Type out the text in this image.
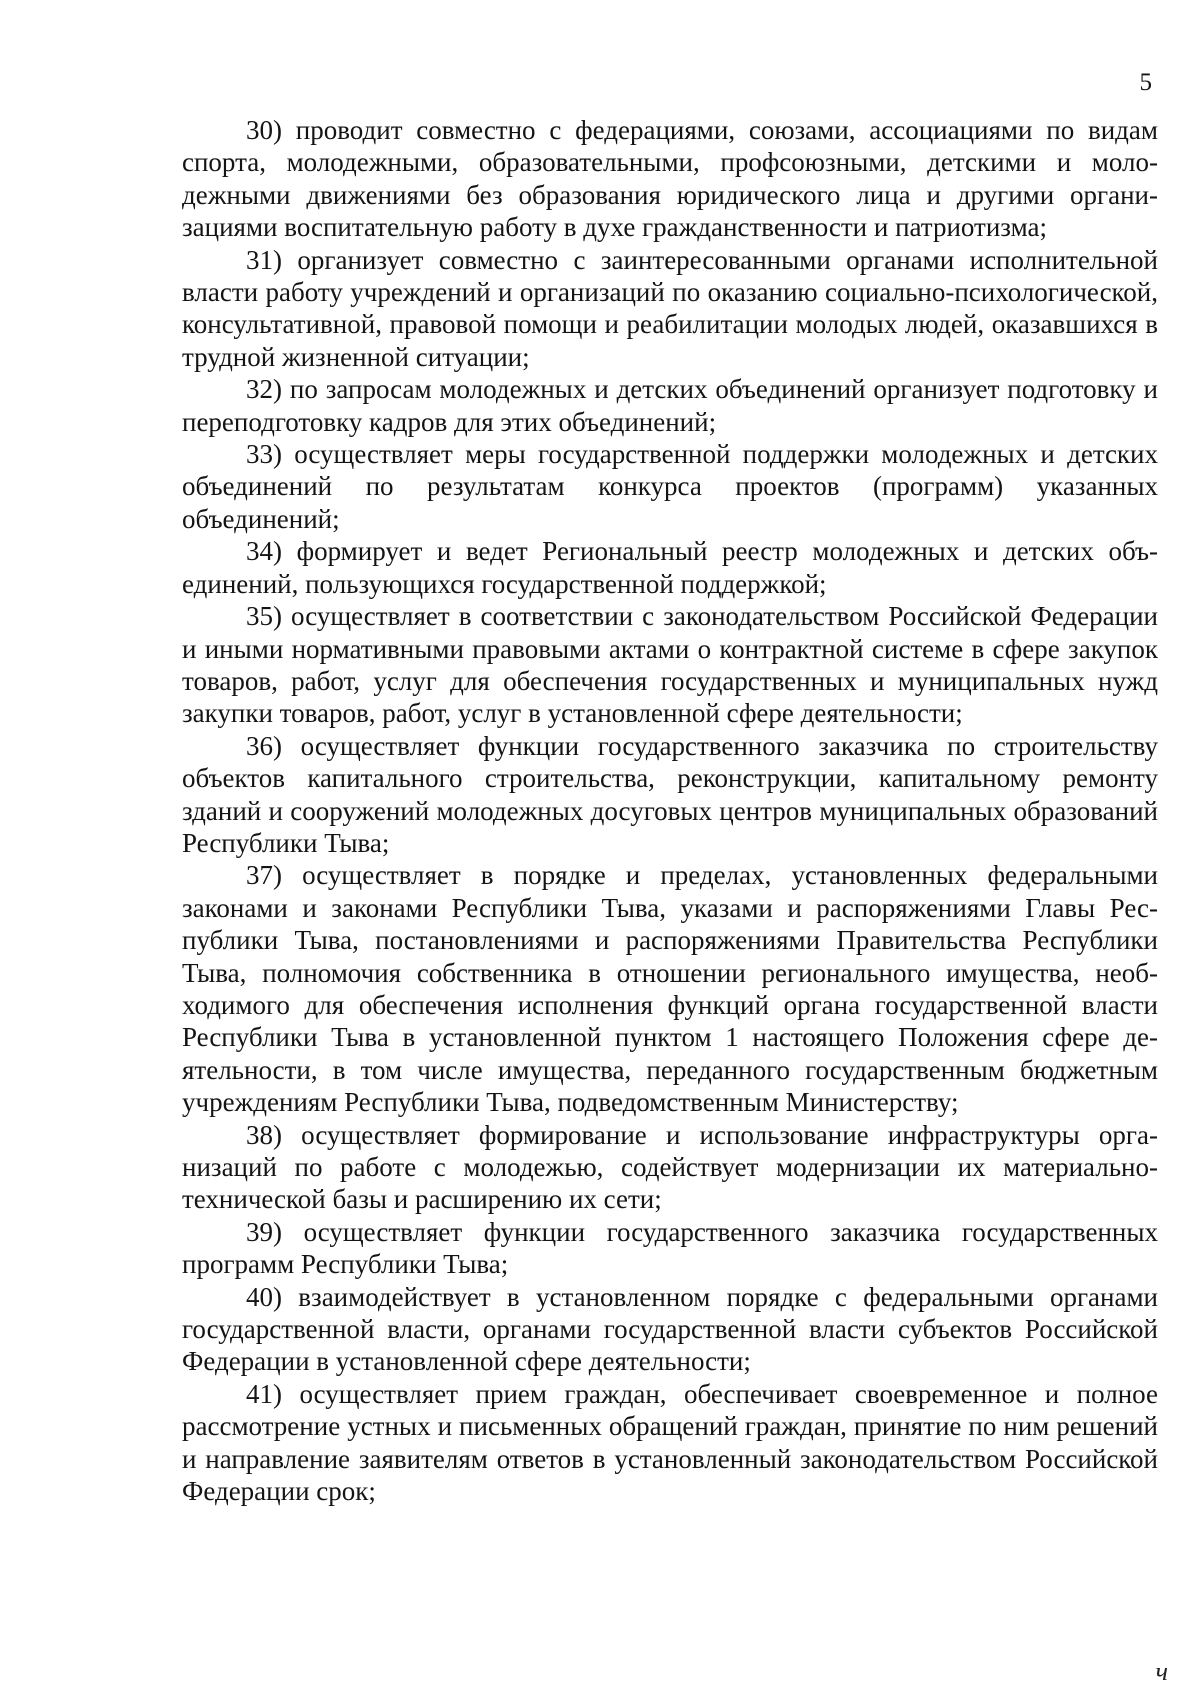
5

30) проводит совместно с федерациями, союзами, ассоциациями по видам спорта, молодежными, образовательными, профсоюзными, детскими и молодежными движениями без образования юридического лица и другими организациями воспитательную работу в духе гражданственности и патриотизма;

31) организует совместно с заинтересованными органами исполнительной власти работу учреждений и организаций по оказанию социально-психологической, консультативной, правовой помощи и реабилитации молодых людей, оказавшихся в трудной жизненной ситуации;

32) по запросам молодежных и детских объединений организует подготовку и переподготовку кадров для этих объединений;

33) осуществляет меры государственной поддержки молодежных и детских объединений по результатам конкурса проектов (программ) указанных объединений;

34) формирует и ведет Региональный реестр молодежных и детских объединений, пользующихся государственной поддержкой;

35) осуществляет в соответствии с законодательством Российской Федерации и иными нормативными правовыми актами о контрактной системе в сфере закупок товаров, работ, услуг для обеспечения государственных и муниципальных нужд закупки товаров, работ, услуг в установленной сфере деятельности;

36) осуществляет функции государственного заказчика по строительству объектов капитального строительства, реконструкции, капитальному ремонту зданий и сооружений молодежных досуговых центров муниципальных образований Республики Тыва;

37) осуществляет в порядке и пределах, установленных федеральными законами и законами Республики Тыва, указами и распоряжениями Главы Республики Тыва, постановлениями и распоряжениями Правительства Республики Тыва, полномочия собственника в отношении регионального имущества, необходимого для обеспечения исполнения функций органа государственной власти Республики Тыва в установленной пунктом 1 настоящего Положения сфере деятельности, в том числе имущества, переданного государственным бюджетным учреждениям Республики Тыва, подведомственным Министерству;

38) осуществляет формирование и использование инфраструктуры организаций по работе с молодежью, содействует модернизации их материально-технической базы и расширению их сети;

39) осуществляет функции государственного заказчика государственных программ Республики Тыва;

40) взаимодействует в установленном порядке с федеральными органами государственной власти, органами государственной власти субъектов Российской Федерации в установленной сфере деятельности;

41) осуществляет прием граждан, обеспечивает своевременное и полное рассмотрение устных и письменных обращений граждан, принятие по ним решений и направление заявителям ответов в установленный законодательством Российской Федерации срок;

ч
